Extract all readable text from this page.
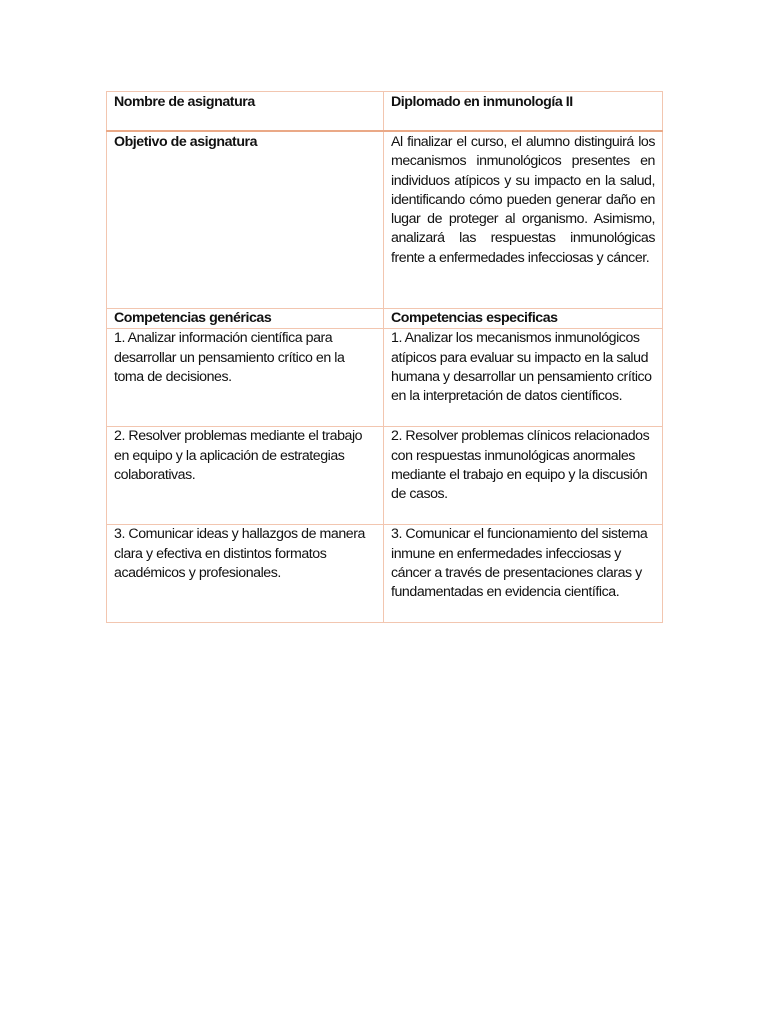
Nombre de asignatura	Diplomado en inmunología II

Objetivo de asignatura	Al finalizar el curso, el alumno distinguirá los mecanismos inmunológicos presentes en individuos atípicos y su impacto en la salud, identificando cómo pueden generar daño en lugar de proteger al organismo. Asimismo, analizará las respuestas inmunológicas frente a enfermedades infecciosas y cáncer.

Competencias genéricas	Competencias especificas
1. Analizar información científica para desarrollar un pensamiento crítico en la toma de decisiones.	1. Analizar los mecanismos inmunológicos atípicos para evaluar su impacto en la salud humana y desarrollar un pensamiento crítico en la interpretación de datos científicos.
2. Resolver problemas mediante el trabajo en equipo y la aplicación de estrategias colaborativas.	2. Resolver problemas clínicos relacionados con respuestas inmunológicas anormales mediante el trabajo en equipo y la discusión de casos.
3. Comunicar ideas y hallazgos de manera clara y efectiva en distintos formatos académicos y profesionales.	3. Comunicar el funcionamiento del sistema inmune en enfermedades infecciosas y cáncer a través de presentaciones claras y fundamentadas en evidencia científica.
